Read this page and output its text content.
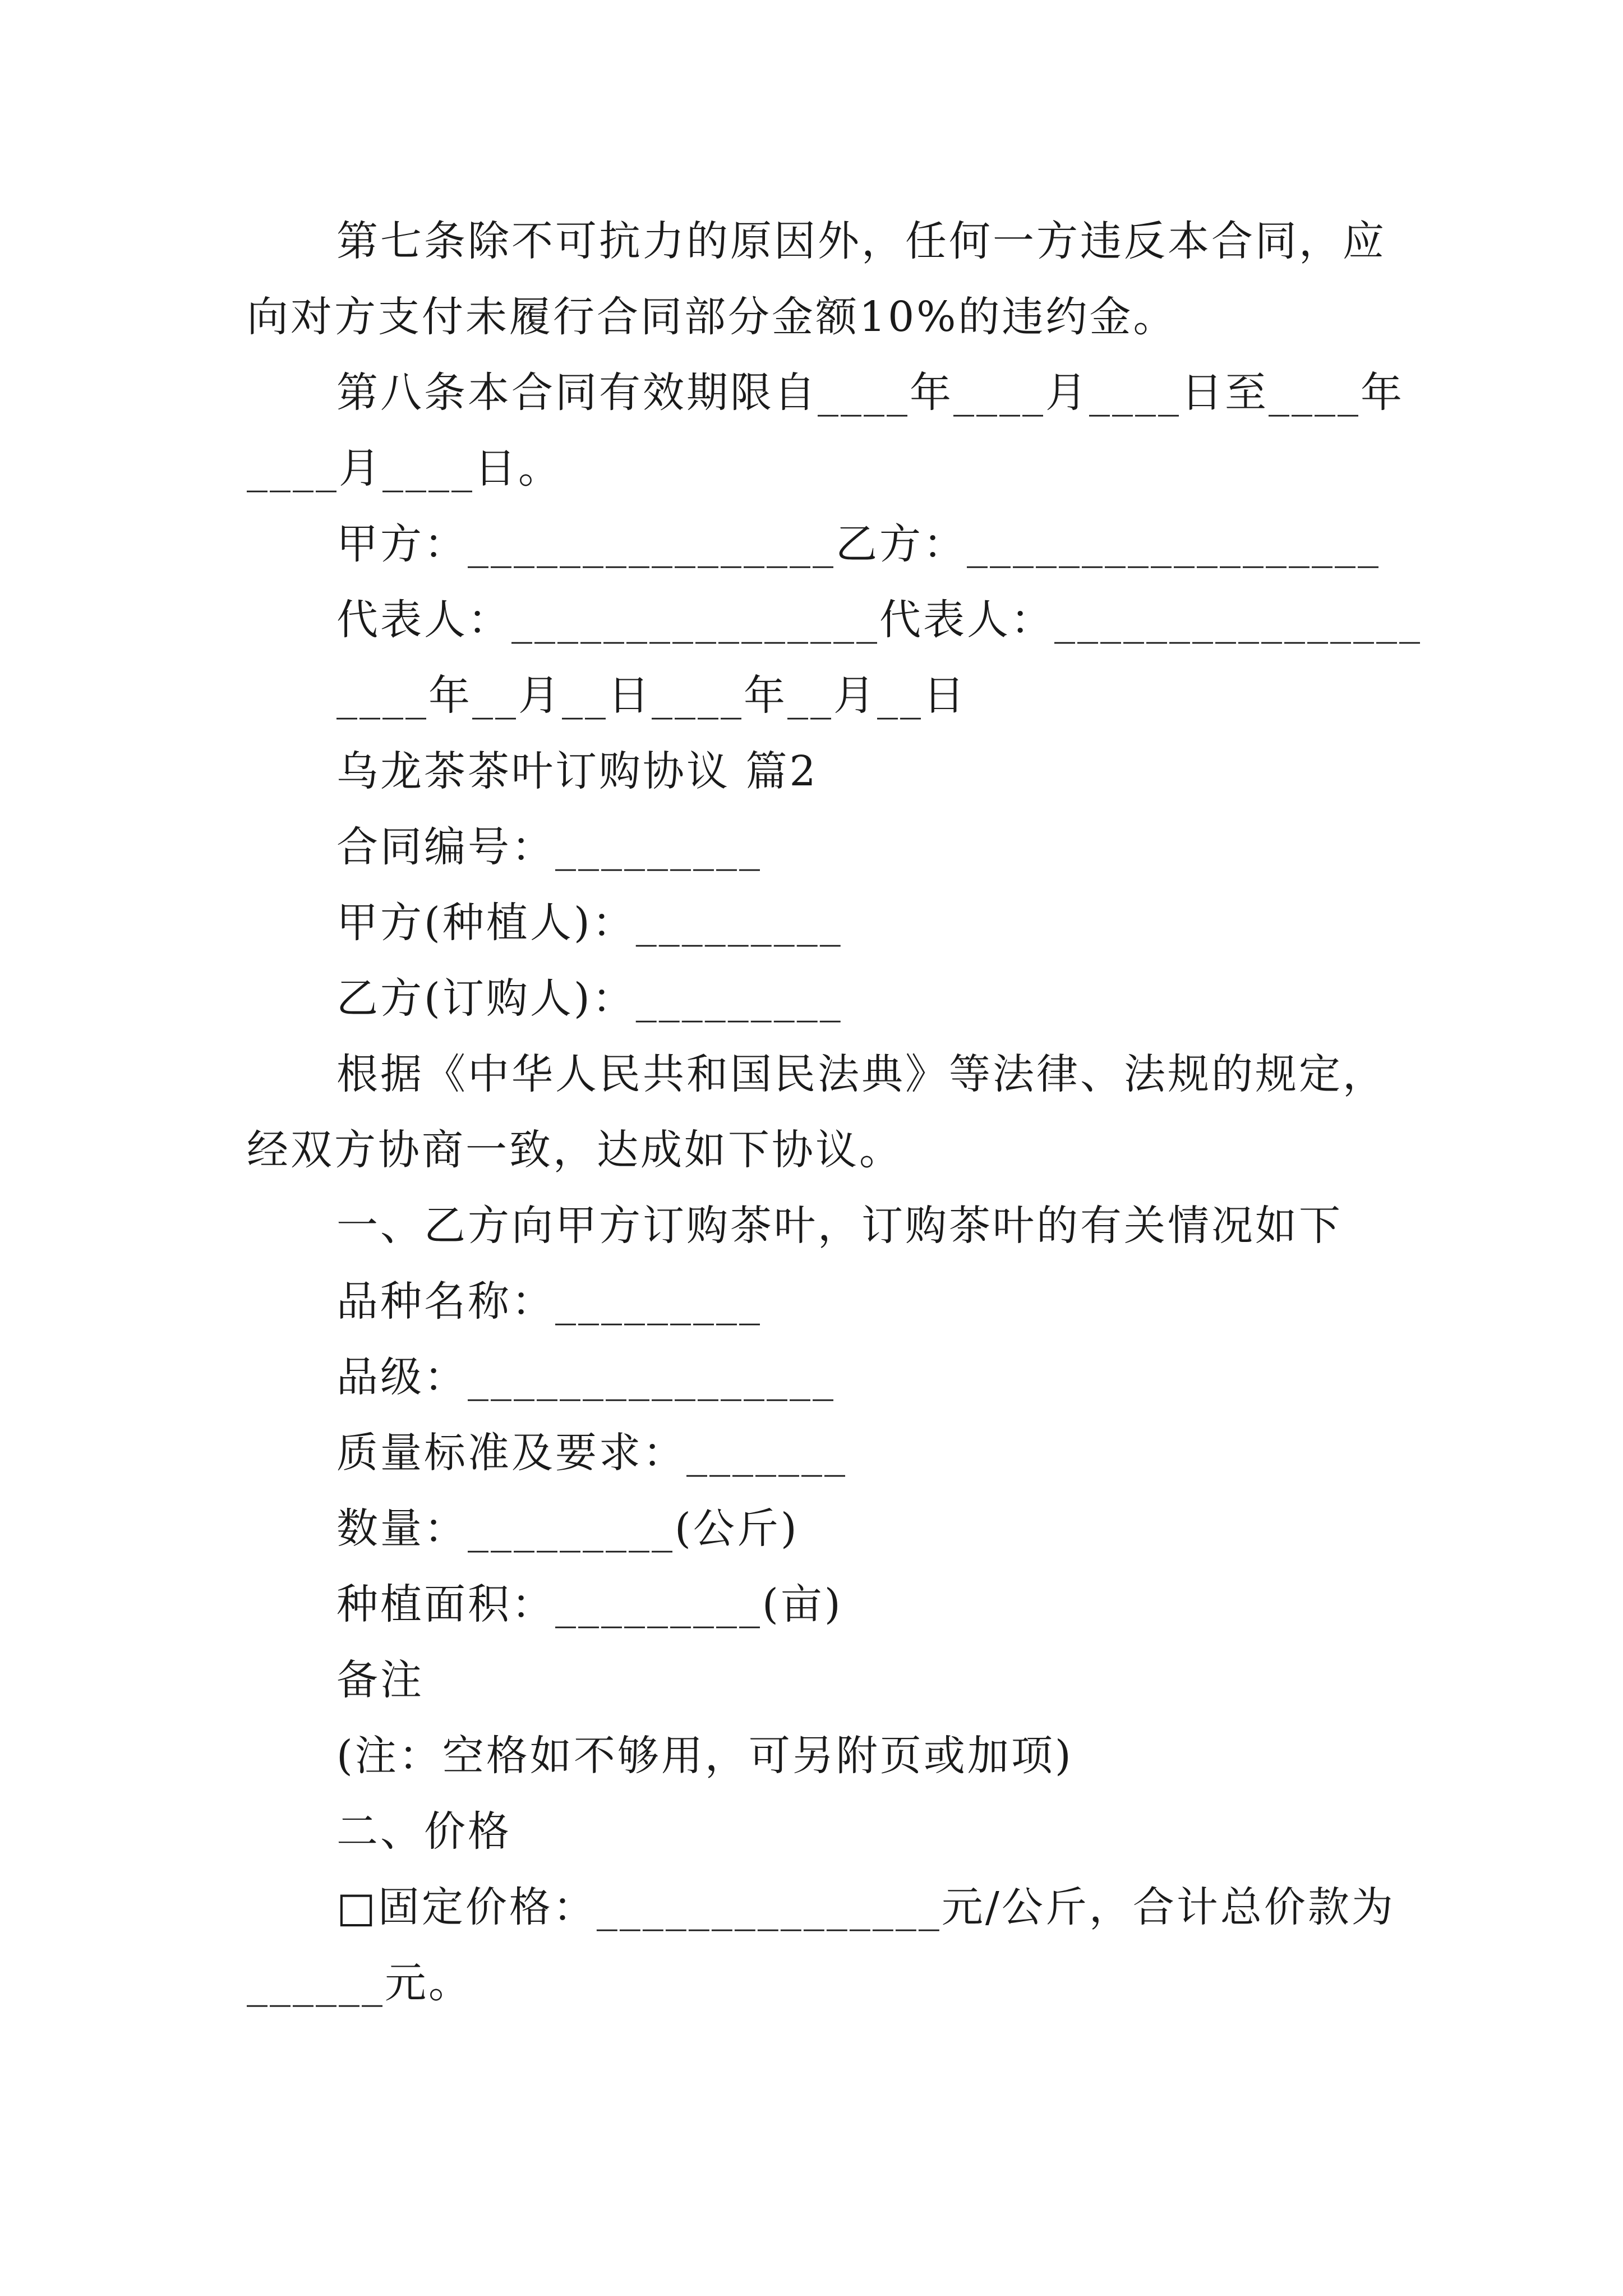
第七条除不可抗力的原因外，任何一方违反本合同，应
向对方支付未履行合同部分金额10%的违约金。
第八条本合同有效期限自____年____月____日至____年
____月____日。
甲方：________________乙方：__________________
代表人：________________代表人：________________
____年__月__日____年__月__日
乌龙茶茶叶订购协议 篇2
合同编号：_________
甲方(种植人)：_________
乙方(订购人)：_________
根据《中华人民共和国民法典》等法律、法规的规定，
经双方协商一致，达成如下协议。
一、乙方向甲方订购茶叶，订购茶叶的有关情况如下
品种名称：_________
品级：________________
质量标准及要求：_______
数量：_________(公斤)
种植面积：_________(亩)
备注
(注：空格如不够用，可另附页或加项)
二、价格
□固定价格：_______________元/公斤，合计总价款为
______元。
